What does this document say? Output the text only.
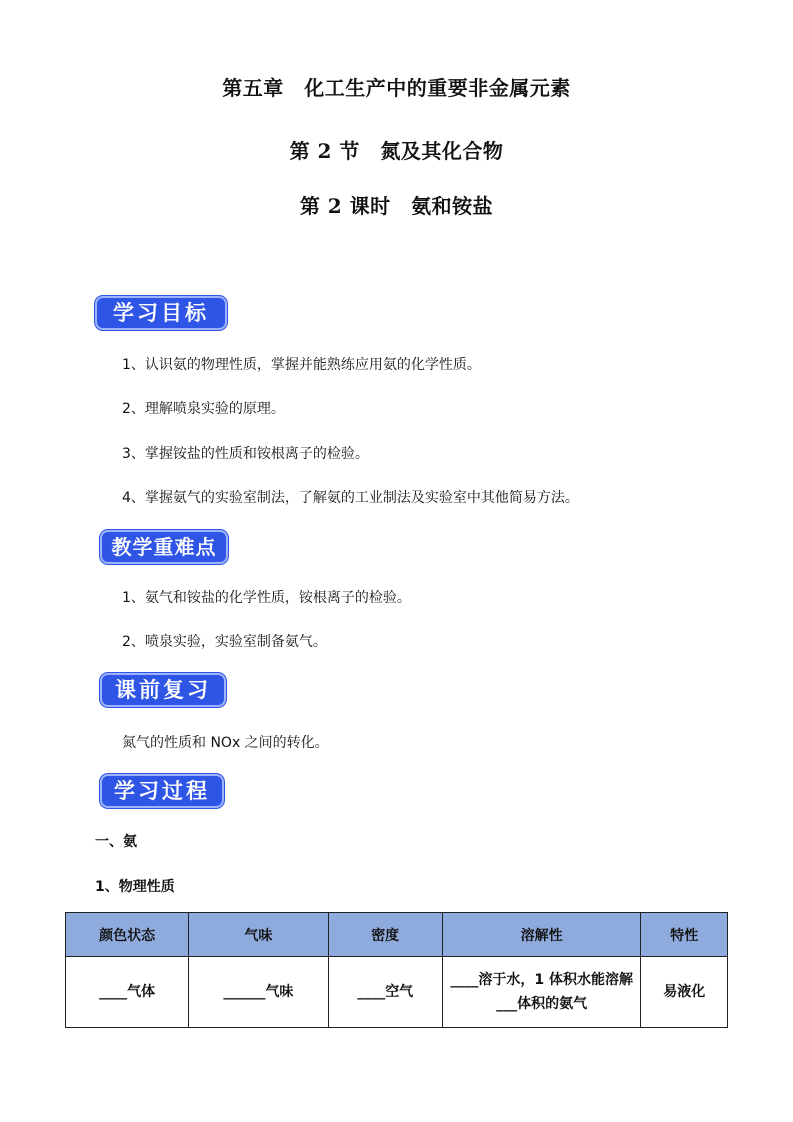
第五章　化工生产中的重要非金属元素
第 2 节　氮及其化合物
第 2 课时　氨和铵盐
学习目标
1、认识氨的物理性质，掌握并能熟练应用氨的化学性质。
2、理解喷泉实验的原理。
3、掌握铵盐的性质和铵根离子的检验。
4、掌握氨气的实验室制法，了解氨的工业制法及实验室中其他简易方法。
教学重难点
1、氨气和铵盐的化学性质，铵根离子的检验。
2、喷泉实验，实验室制备氨气。
课前复习
氮气的性质和 NOx 之间的转化。
学习过程
一、氨
1、物理性质
颜色状态	气味	密度	溶解性	特性
____气体	______气味	____空气	____溶于水，1 体积水能溶解___体积的氨气	易液化
